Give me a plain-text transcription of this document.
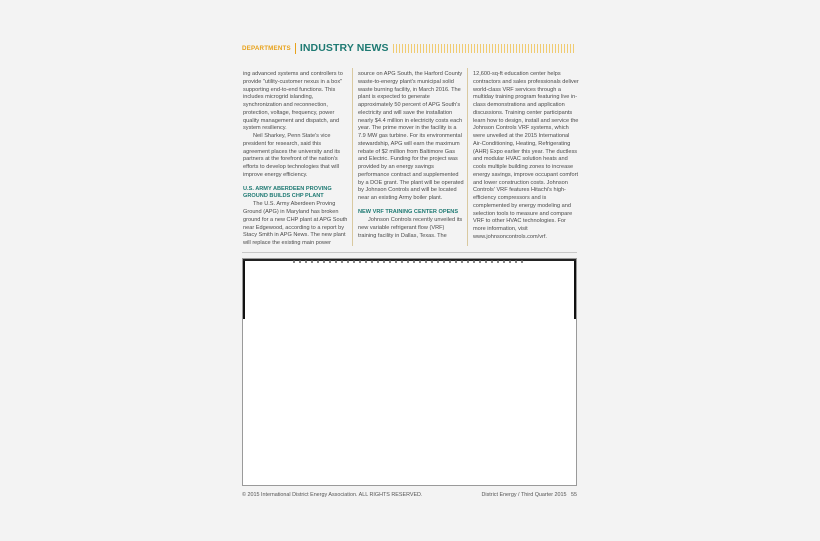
DEPARTMENTS INDUSTRY NEWS

ing advanced systems and controllers to provide "utility-customer nexus in a box" supporting end-to-end functions. This includes microgrid islanding, synchronization and reconnection, protection, voltage, frequency, power quality management and dispatch, and system resiliency.

Neil Sharkey, Penn State's vice president for research, said this agreement places the university and its partners at the forefront of the nation's efforts to develop technologies that will improve energy efficiency.

U.S. ARMY ABERDEEN PROVING GROUND BUILDS CHP PLANT

The U.S. Army Aberdeen Proving Ground (APG) in Maryland has broken ground for a new CHP plant at APG South near Edgewood, according to a report by Stacy Smith in APG News. The new plant will replace the existing main power

source on APG South, the Harford County waste-to-energy plant's municipal solid waste burning facility, in March 2016. The plant is expected to generate approximately 50 percent of APG South's electricity and will save the installation nearly $4.4 million in electricity costs each year. The prime mover in the facility is a 7.9 MW gas turbine. For its environmental stewardship, APG will earn the maximum rebate of $2 million from Baltimore Gas and Electric. Funding for the project was provided by an energy savings performance contract and supplemented by a DOE grant. The plant will be operated by Johnson Controls and will be located near an existing Army boiler plant.

NEW VRF TRAINING CENTER OPENS

Johnson Controls recently unveiled its new variable refrigerant flow (VRF) training facility in Dallas, Texas. The

12,600-sq-ft education center helps contractors and sales professionals deliver world-class VRF services through a multiday training program featuring live in-class demonstrations and application discussions. Training center participants learn how to design, install and service the Johnson Controls VRF systems, which were unveiled at the 2015 International Air-Conditioning, Heating, Refrigerating (AHR) Expo earlier this year. The ductless and modular HVAC solution heats and cools multiple building zones to increase energy savings, improve occupant comfort and lower construction costs. Johnson Controls' VRF features Hitachi's high-efficiency compressors and is complemented by energy modeling and selection tools to measure and compare VRF to other HVAC technologies. For more information, visit www.johnsoncontrols.com/vrf.

© 2015 International District Energy Association. ALL RIGHTS RESERVED.	District Energy / Third Quarter 2015 55
